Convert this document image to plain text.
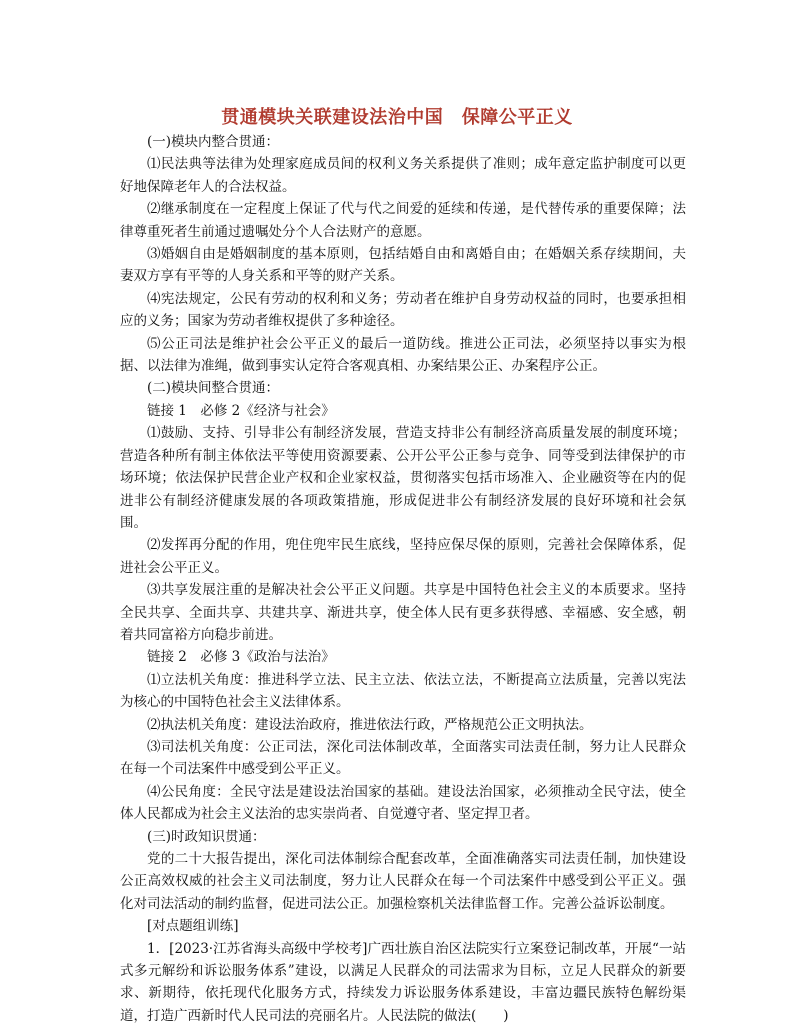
贯通模块关联建设法治中国　保障公平正义

(一)模块内整合贯通：

⑴民法典等法律为处理家庭成员间的权利义务关系提供了准则；成年意定监护制度可以更好地保障老年人的合法权益。

⑵继承制度在一定程度上保证了代与代之间爱的延续和传递，是代替传承的重要保障；法律尊重死者生前通过遗嘱处分个人合法财产的意愿。

⑶婚姻自由是婚姻制度的基本原则，包括结婚自由和离婚自由；在婚姻关系存续期间，夫妻双方享有平等的人身关系和平等的财产关系。

⑷宪法规定，公民有劳动的权利和义务；劳动者在维护自身劳动权益的同时，也要承担相应的义务；国家为劳动者维权提供了多种途径。

⑸公正司法是维护社会公平正义的最后一道防线。推进公正司法，必须坚持以事实为根据、以法律为准绳，做到事实认定符合客观真相、办案结果公正、办案程序公正。

(二)模块间整合贯通：

链接 1　必修 2《经济与社会》

⑴鼓励、支持、引导非公有制经济发展，营造支持非公有制经济高质量发展的制度环境；营造各种所有制主体依法平等使用资源要素、公开公平公正参与竞争、同等受到法律保护的市场环境；依法保护民营企业产权和企业家权益，贯彻落实包括市场准入、企业融资等在内的促进非公有制经济健康发展的各项政策措施，形成促进非公有制经济发展的良好环境和社会氛围。

⑵发挥再分配的作用，兜住兜牢民生底线，坚持应保尽保的原则，完善社会保障体系，促进社会公平正义。

⑶共享发展注重的是解决社会公平正义问题。共享是中国特色社会主义的本质要求。坚持全民共享、全面共享、共建共享、渐进共享，使全体人民有更多获得感、幸福感、安全感，朝着共同富裕方向稳步前进。

链接 2　必修 3《政治与法治》

⑴立法机关角度：推进科学立法、民主立法、依法立法，不断提高立法质量，完善以宪法为核心的中国特色社会主义法律体系。

⑵执法机关角度：建设法治政府，推进依法行政，严格规范公正文明执法。

⑶司法机关角度：公正司法，深化司法体制改革，全面落实司法责任制，努力让人民群众在每一个司法案件中感受到公平正义。

⑷公民角度：全民守法是建设法治国家的基础。建设法治国家，必须推动全民守法，使全体人民都成为社会主义法治的忠实崇尚者、自觉遵守者、坚定捍卫者。

(三)时政知识贯通：

党的二十大报告提出，深化司法体制综合配套改革，全面准确落实司法责任制，加快建设公正高效权威的社会主义司法制度，努力让人民群众在每一个司法案件中感受到公平正义。强化对司法活动的制约监督，促进司法公正。加强检察机关法律监督工作。完善公益诉讼制度。

[对点题组训练]

1．[2023·江苏省海头高级中学校考]广西壮族自治区法院实行立案登记制改革，开展“一站式多元解纷和诉讼服务体系”建设，以满足人民群众的司法需求为目标，立足人民群众的新要求、新期待，依托现代化服务方式，持续发力诉讼服务体系建设，丰富边疆民族特色解纷渠道，打造广西新时代人民司法的亮丽名片。人民法院的做法(　　)
